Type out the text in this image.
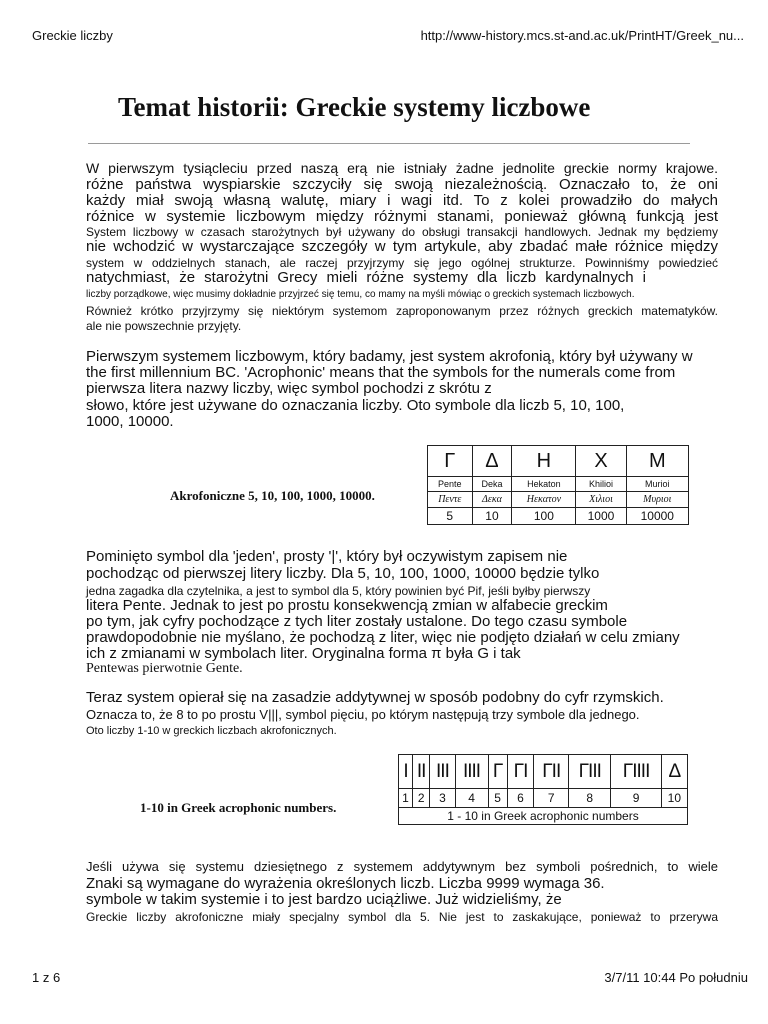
Greckie liczby	http://www-history.mcs.st-and.ac.uk/PrintHT/Greek_nu...
Temat historii: Greckie systemy liczbowe
W pierwszym tysiącleciu przed naszą erą nie istniały żadne jednolite greckie normy krajowe.
różne państwa wyspiarskie szczyciły się swoją niezależnością. Oznaczało to, że oni
każdy miał swoją własną walutę, miary i wagi itd. To z kolei prowadziło do małych
różnice w systemie liczbowym między różnymi stanami, ponieważ główną funkcją jest
System liczbowy w czasach starożytnych był używany do obsługi transakcji handlowych. Jednak my będziemy
nie wchodzić w wystarczające szczegóły w tym artykule, aby zbadać małe różnice między
system w oddzielnych stanach, ale raczej przyjrzymy się jego ogólnej strukturze. Powinniśmy powiedzieć
natychmiast, że starożytni Grecy mieli różne systemy dla liczb kardynalnych i
liczby porządkowe, więc musimy dokładnie przyjrzeć się temu, co mamy na myśli mówiąc o greckich systemach liczbowych.
Również krótko przyjrzymy się niektórym systemom zaproponowanym przez różnych greckich matematyków.
ale nie powszechnie przyjęty.
Pierwszym systemem liczbowym, który badamy, jest system akrofonią, który był używany w
the first millennium BC. 'Acrophonic' means that the symbols for the numerals come from
pierwsza litera nazwy liczby, więc symbol pochodzi z skrótu z
słowo, które jest używane do oznaczania liczby. Oto symbole dla liczb 5, 10, 100,
1000, 10000.
Akrofoniczne 5, 10, 100, 1000, 10000.
Γ	Δ	H	X	M
Pente	Deka	Hekaton	Khilioi	Murioi
Πεντε	Δεκα	Ηεκατον	Χιλιοι	Μυριοι
5	10	100	1000	10000
Pominięto symbol dla 'jeden', prosty '|', który był oczywistym zapisem nie
pochodząc od pierwszej litery liczby. Dla 5, 10, 100, 1000, 10000 będzie tylko
jedna zagadka dla czytelnika, a jest to symbol dla 5, który powinien być Pif, jeśli byłby pierwszy
litera Pente. Jednak to jest po prostu konsekwencją zmian w alfabecie greckim
po tym, jak cyfry pochodzące z tych liter zostały ustalone. Do tego czasu symbole
prawdopodobnie nie myślano, że pochodzą z liter, więc nie podjęto działań w celu zmiany
ich z zmianami w symbolach liter. Oryginalna forma π była G i tak
Pentewas pierwotnie Gente.
Teraz system opierał się na zasadzie addytywnej w sposób podobny do cyfr rzymskich.
Oznacza to, że 8 to po prostu V|||, symbol pięciu, po którym następują trzy symbole dla jednego.
Oto liczby 1-10 w greckich liczbach akrofonicznych.
1-10 in Greek acrophonic numbers.
I	II	III	IIII	Γ	ΓI	ΓII	ΓIII	ΓIIII	Δ
1	2	3	4	5	6	7	8	9	10
1 - 10 in Greek acrophonic numbers									
Jeśli używa się systemu dziesiętnego z systemem addytywnym bez symboli pośrednich, to wiele
Znaki są wymagane do wyrażenia określonych liczb. Liczba 9999 wymaga 36.
symbole w takim systemie i to jest bardzo uciążliwe. Już widzieliśmy, że
Greckie liczby akrofoniczne miały specjalny symbol dla 5. Nie jest to zaskakujące, ponieważ to przerywa
1 z 6	3/7/11 10:44 Po południu
